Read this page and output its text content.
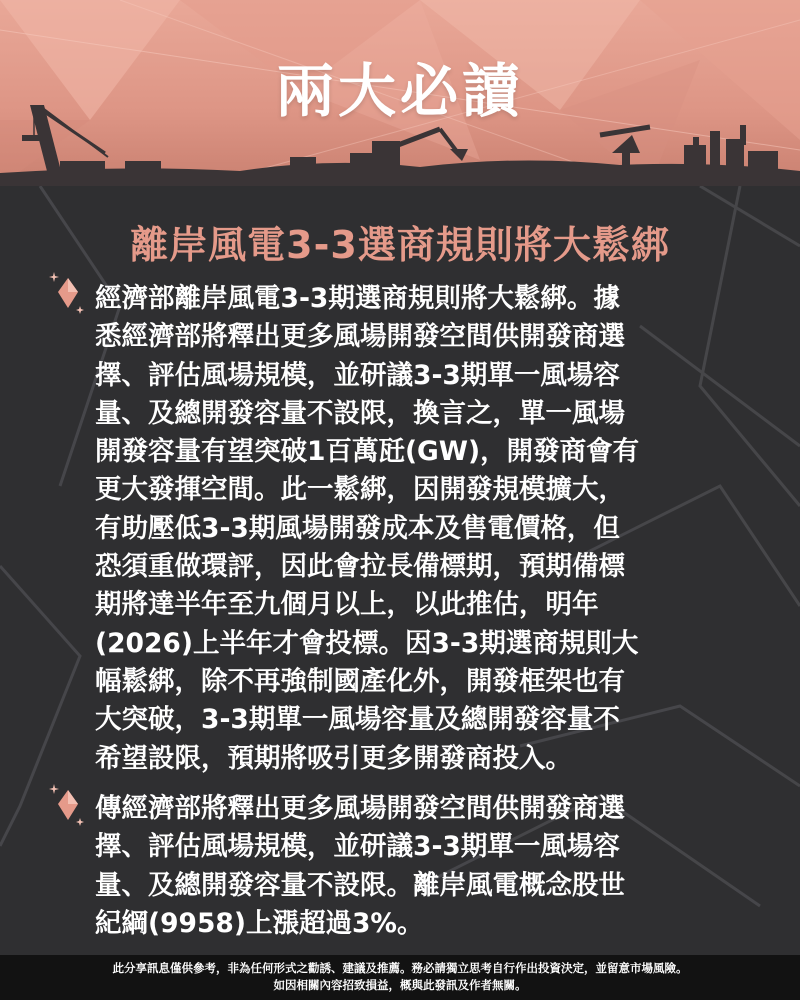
兩大必讀
離岸風電3-3選商規則將大鬆綁

經濟部離岸風電3-3期選商規則將大鬆綁。據
悉經濟部將釋出更多風場開發空間供開發商選
擇、評估風場規模，並研議3-3期單一風場容
量、及總開發容量不設限，換言之，單一風場
開發容量有望突破1百萬瓩(GW)，開發商會有
更大發揮空間。此一鬆綁，因開發規模擴大，
有助壓低3-3期風場開發成本及售電價格，但
恐須重做環評，因此會拉長備標期，預期備標
期將達半年至九個月以上，以此推估，明年
(2026)上半年才會投標。因3-3期選商規則大
幅鬆綁，除不再強制國產化外，開發框架也有
大突破，3-3期單一風場容量及總開發容量不
希望設限，預期將吸引更多開發商投入。

傳經濟部將釋出更多風場開發空間供開發商選
擇、評估風場規模，並研議3-3期單一風場容
量、及總開發容量不設限。離岸風電概念股世
紀綱(9958)上漲超過3%。

此分享訊息僅供參考，非為任何形式之勸誘、建議及推薦。務必請獨立思考自行作出投資決定，並留意市場風險。
如因相關內容招致損益，概與此發訊及作者無關。
